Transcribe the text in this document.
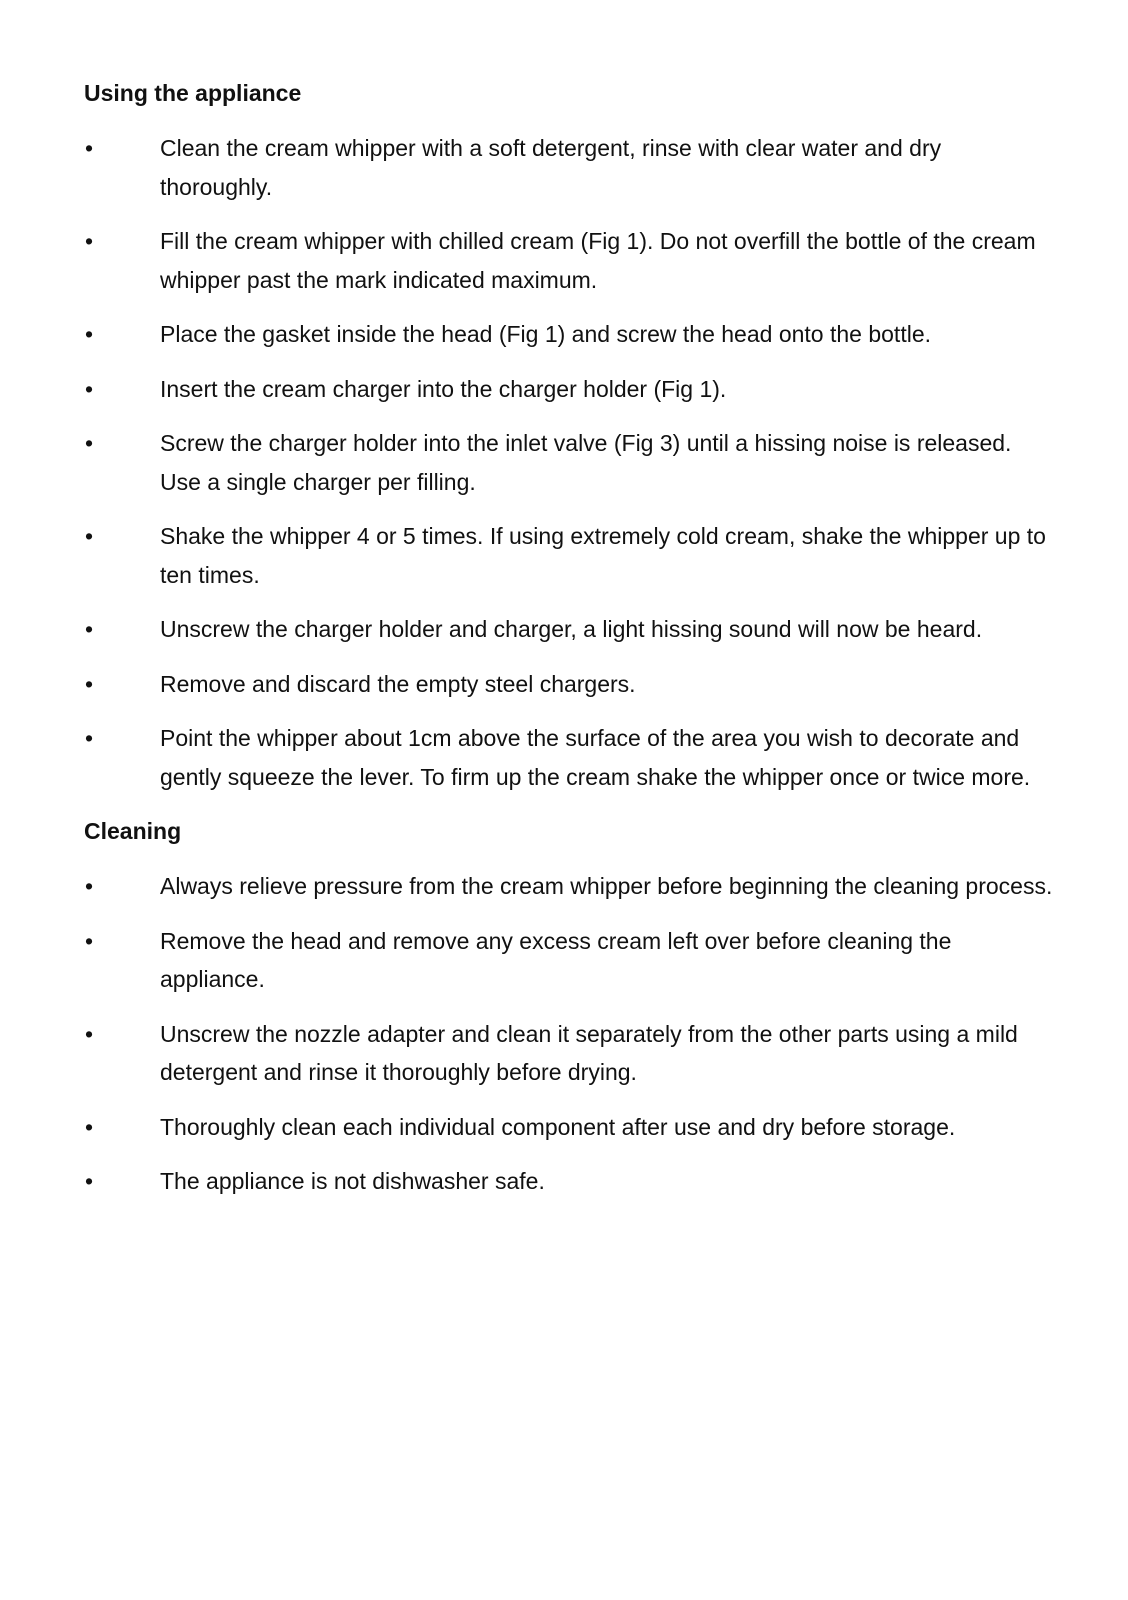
Using the appliance
•	Clean the cream whipper with a soft detergent, rinse with clear water and dry thoroughly.
•	Fill the cream whipper with chilled cream (Fig 1). Do not overfill the bottle of the cream whipper past the mark indicated maximum.
•	Place the gasket inside the head (Fig 1) and screw the head onto the bottle.
•	Insert the cream charger into the charger holder (Fig 1).
•	Screw the charger holder into the inlet valve (Fig 3) until a hissing noise is released. Use a single charger per filling.
•	Shake the whipper 4 or 5 times. If using extremely cold cream, shake the whipper up to ten times.
•	Unscrew the charger holder and charger, a light hissing sound will now be heard.
•	Remove and discard the empty steel chargers.
•	Point the whipper about 1cm above the surface of the area you wish to decorate and gently squeeze the lever. To firm up the cream shake the whipper once or twice more.
Cleaning
•	Always relieve pressure from the cream whipper before beginning the cleaning process.
•	Remove the head and remove any excess cream left over before cleaning the appliance.
•	Unscrew the nozzle adapter and clean it separately from the other parts using a mild detergent and rinse it thoroughly before drying.
•	Thoroughly clean each individual component after use and dry before storage.
•	The appliance is not dishwasher safe.
